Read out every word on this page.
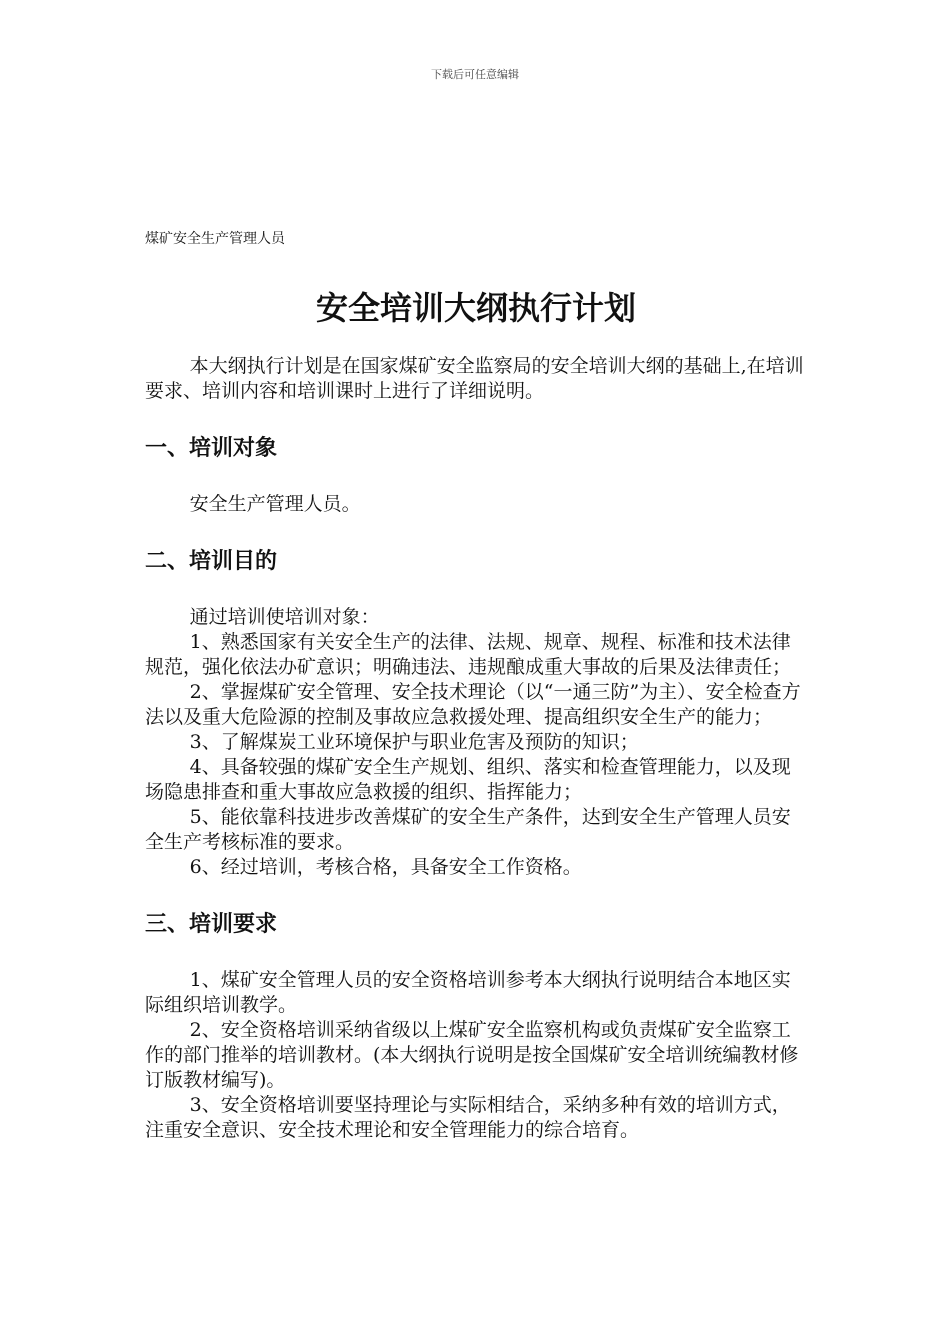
下载后可任意编辑

煤矿安全生产管理人员

安全培训大纲执行计划

本大纲执行计划是在国家煤矿安全监察局的安全培训大纲的基础上,在培训要求、培训内容和培训课时上进行了详细说明。

一、培训对象

安全生产管理人员。

二、培训目的

通过培训使培训对象：

1、熟悉国家有关安全生产的法律、法规、规章、规程、标准和技术法律规范，强化依法办矿意识；明确违法、违规酿成重大事故的后果及法律责任；

2、掌握煤矿安全管理、安全技术理论（以“一通三防”为主）、安全检查方法以及重大危险源的控制及事故应急救援处理、提高组织安全生产的能力；

3、了解煤炭工业环境保护与职业危害及预防的知识；

4、具备较强的煤矿安全生产规划、组织、落实和检查管理能力，以及现场隐患排查和重大事故应急救援的组织、指挥能力；

5、能依靠科技进步改善煤矿的安全生产条件，达到安全生产管理人员安全生产考核标准的要求。

6、经过培训，考核合格，具备安全工作资格。

三、培训要求

1、煤矿安全管理人员的安全资格培训参考本大纲执行说明结合本地区实际组织培训教学。

2、安全资格培训采纳省级以上煤矿安全监察机构或负责煤矿安全监察工作的部门推举的培训教材。(本大纲执行说明是按全国煤矿安全培训统编教材修订版教材编写)。

3、安全资格培训要坚持理论与实际相结合，采纳多种有效的培训方式，注重安全意识、安全技术理论和安全管理能力的综合培育。
